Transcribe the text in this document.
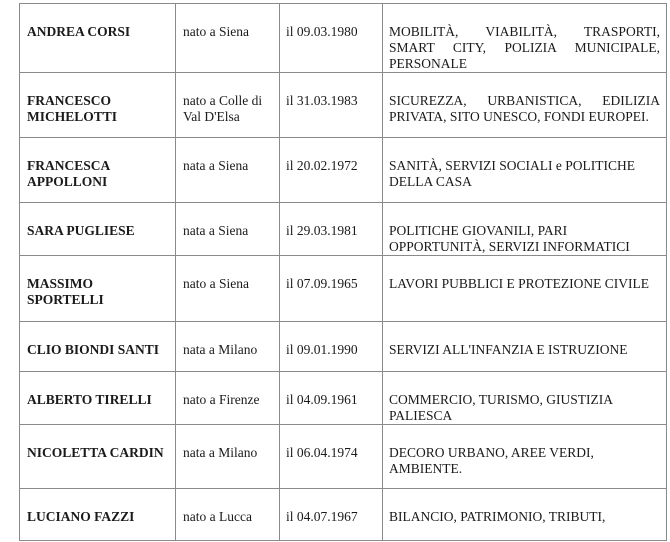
ANDREA CORSI	nato a Siena	il 09.03.1980	MOBILITÀ, VIABILITÀ, TRASPORTI, SMART CITY, POLIZIA MUNICIPALE, PERSONALE
FRANCESCO MICHELOTTI	nato a Colle di Val D'Elsa	il 31.03.1983	SICUREZZA, URBANISTICA, EDILIZIA PRIVATA, SITO UNESCO, FONDI EUROPEI.
FRANCESCA APPOLLONI	nata a Siena	il 20.02.1972	SANITÀ, SERVIZI SOCIALI e POLITICHE DELLA CASA
SARA PUGLIESE	nata a Siena	il 29.03.1981	POLITICHE GIOVANILI, PARI OPPORTUNITÀ, SERVIZI INFORMATICI
MASSIMO SPORTELLI	nato a Siena	il 07.09.1965	LAVORI PUBBLICI E PROTEZIONE CIVILE
CLIO BIONDI SANTI	nata a Milano	il 09.01.1990	SERVIZI ALL'INFANZIA E ISTRUZIONE
ALBERTO TIRELLI	nato a Firenze	il 04.09.1961	COMMERCIO, TURISMO, GIUSTIZIA PALIESCA
NICOLETTA CARDIN	nata a Milano	il 06.04.1974	DECORO URBANO, AREE VERDI, AMBIENTE.
LUCIANO FAZZI	nato a Lucca	il 04.07.1967	BILANCIO, PATRIMONIO, TRIBUTI,
